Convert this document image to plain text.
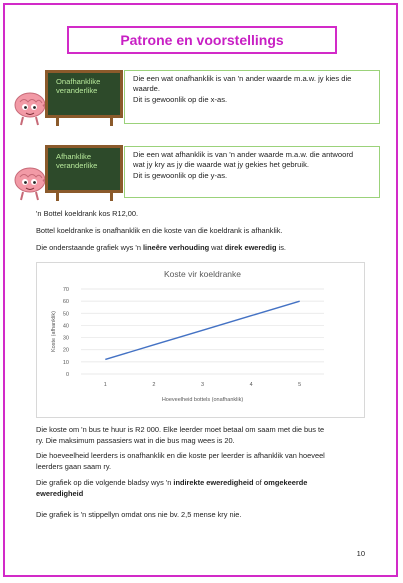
Patrone en voorstellings
Onafhanklike
veranderlike
Die een wat onafhanklik is van 'n ander waarde m.a.w. jy kies die
waarde.
Dit is gewoonlik op die x-as.
Afhanklike
veranderlike
Die een wat afhanklik is van 'n ander waarde m.a.w. die antwoord
wat jy kry as jy die waarde wat jy gekies het gebruik.
Dit is gewoonlik op die y-as.
'n Bottel koeldrank kos R12,00.
Bottel koeldranke is onafhanklik en die koste van die koeldrank is afhanklik.
Die onderstaande grafiek wys 'n lineêre verhouding wat direk eweredig is.
Koste vir koeldranke
0
10
20
30
40
50
60
70
1	2	3	4	5
Hoeveelheid bottels (onafhanklik)
Koste (afhanklik)
Die koste om 'n bus te huur is R2 000. Elke leerder moet betaal om saam met die bus te
ry. Die maksimum passasiers wat in die bus mag wees is 20.
Die hoeveelheid leerders is onafhanklik en die koste per leerder is afhanklik van hoeveel
leerders gaan saam ry.
Die grafiek op die volgende bladsy wys 'n indirekte eweredigheid of omgekeerde
eweredigheid
Die grafiek is 'n stippellyn omdat ons nie bv. 2,5 mense kry nie.
10
